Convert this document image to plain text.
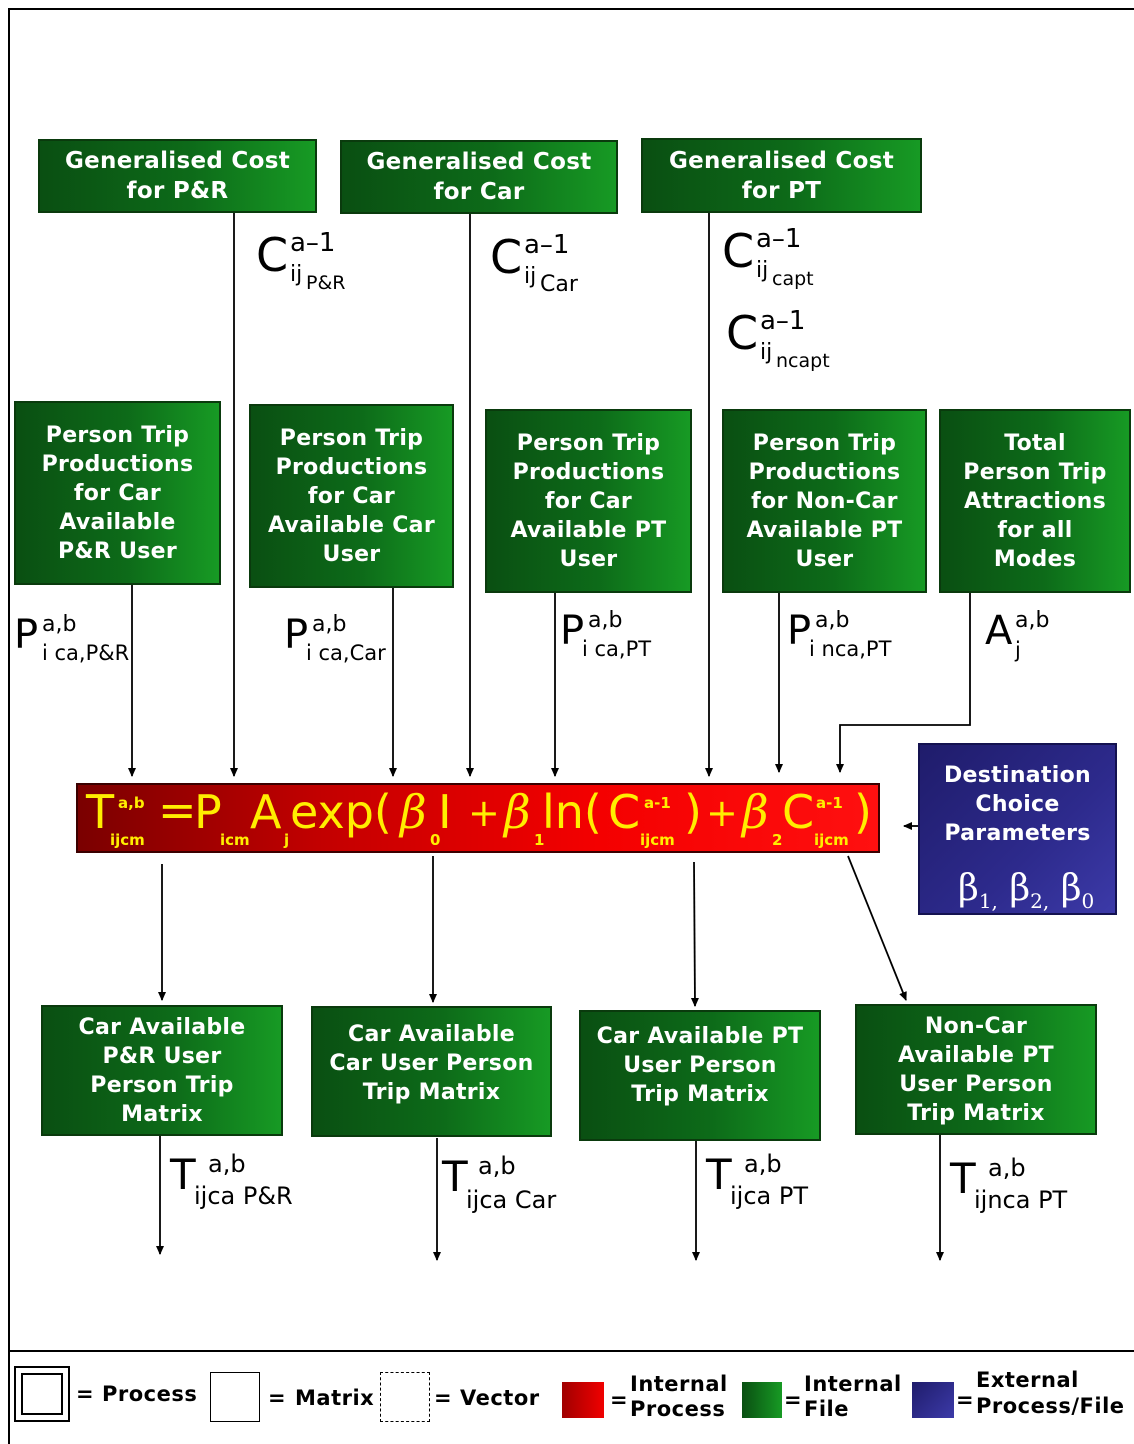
Generalised Cost
for P&R
Generalised Cost
for Car
Generalised Cost
for PT
C a–1
ij P&R	C a–1
ij Car
C a–1
ij capt
C a–1
ij ncapt
Person Trip
Productions
for Car
Available
P&R User
Person Trip
Productions
for Car
Available Car
User
Person Trip
Productions
for Car
Available PT
User
Person Trip
Productions
for Non-Car
Available PT
User
Total
Person Trip
Attractions
for all
Modes
P a,b
i ca,P&R	P a,b
i ca,Car	P a,b
i ca,PT	P a,b
i nca,PT A a,b
j
T a,b
ijcm
=
P
icm
A
j
exp( β
0
I + β
1
ln( C a-1
ijcm
) + β
2
C a-1
ijcm
)
Destination
Choice
Parameters
$\beta_{1,}$ $\beta_{2,}$ $\beta_0$
Car Available
P&R User
Person Trip
Matrix
Car Available
Car User Person
Trip Matrix
Car Available PT
User Person
Trip Matrix
Non-Car
Available PT
User Person
Trip Matrix
T a,b
ijca P&R	T a,b
ijca Car
T a,b
ijca PT	T a,b
ijnca PT
= Process	= Matrix	= Vector	=
Internal
Process	=
Internal
File	=
External
Process/File
